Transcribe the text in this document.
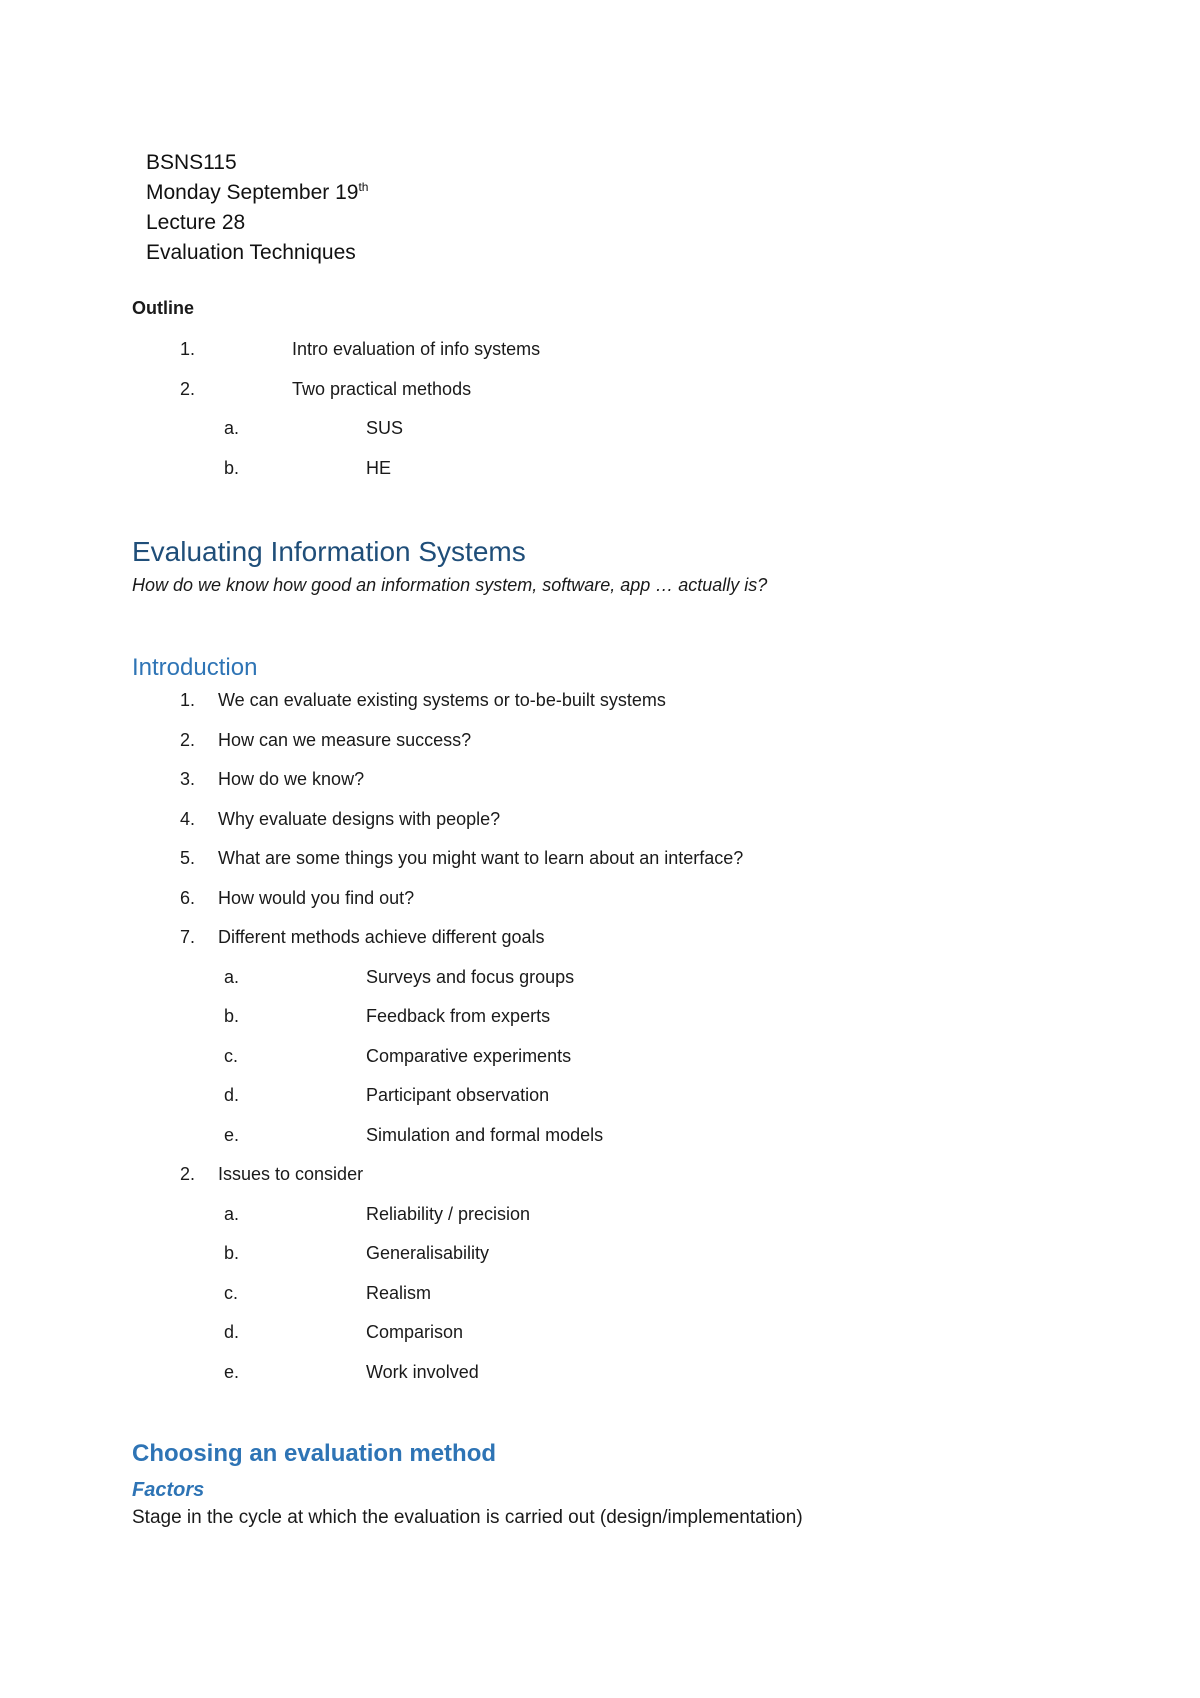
BSNS115
Monday September 19th
Lecture 28
Evaluation Techniques
Outline
1.	Intro evaluation of info systems
2.	Two practical methods
a.	SUS
b.	HE
Evaluating Information Systems
How do we know how good an information system, software, app … actually is?
Introduction
1. We can evaluate existing systems or to-be-built systems
2. How can we measure success?
3. How do we know?
4. Why evaluate designs with people?
5. What are some things you might want to learn about an interface?
6. How would you find out?
7. Different methods achieve different goals
a.	Surveys and focus groups
b.	Feedback from experts
c.	Comparative experiments
d.	Participant observation
e.	Simulation and formal models
2. Issues to consider
a.	Reliability / precision
b.	Generalisability
c.	Realism
d.	Comparison
e.	Work involved
Choosing an evaluation method
Factors
Stage in the cycle at which the evaluation is carried out (design/implementation)
